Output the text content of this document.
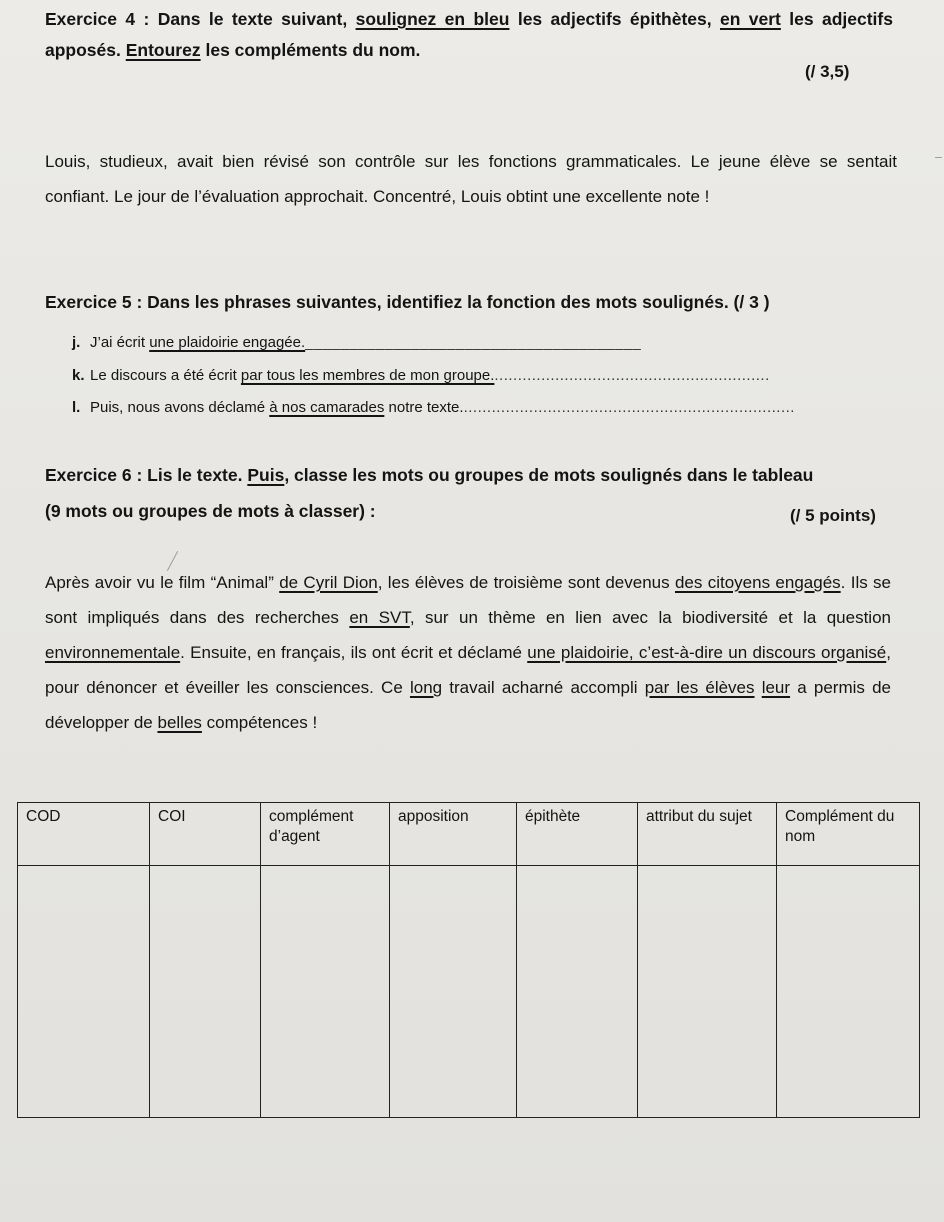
Exercice 4 : Dans le texte suivant, soulignez en bleu les adjectifs épithètes, en vert les adjectifs apposés. Entourez les compléments du nom.

(/ 3,5)

Louis, studieux, avait bien révisé son contrôle sur les fonctions grammaticales. Le jeune élève se sentait confiant. Le jour de l’évaluation approchait. Concentré, Louis obtint une excellente note !

Exercice 5 : Dans les phrases suivantes, identifiez la fonction des mots soulignés. (/ 3 )

j. J’ai écrit une plaidoirie engagée.______________________________________
k. Le discours a été écrit par tous les membres de mon groupe............................................................
l. Puis, nous avons déclamé à nos camarades notre texte........................................................................

Exercice 6 : Lis le texte. Puis, classe les mots ou groupes de mots soulignés dans le tableau

(9 mots ou groupes de mots à classer) :	(/ 5 points)

Après avoir vu le film “Animal” de Cyril Dion, les élèves de troisième sont devenus des citoyens engagés. Ils se sont impliqués dans des recherches en SVT, sur un thème en lien avec la biodiversité et la question environnementale. Ensuite, en français, ils ont écrit et déclamé une plaidoirie, c’est-à-dire un discours organisé, pour dénoncer et éveiller les consciences. Ce long travail acharné accompli par les élèves leur a permis de développer de belles compétences !

COD	COI	complément d’agent	apposition	épithète	attribut du sujet	Complément du nom
